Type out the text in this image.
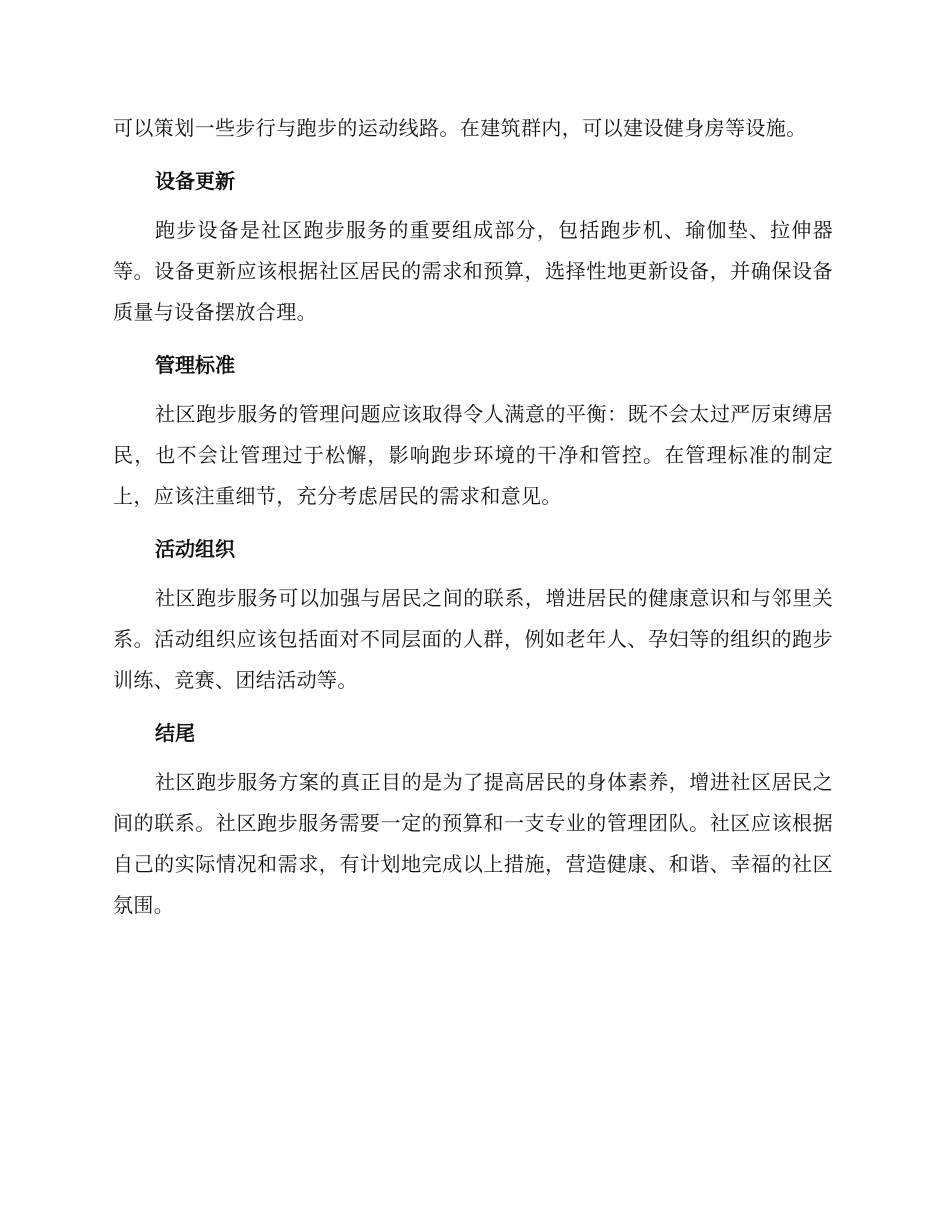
可以策划一些步行与跑步的运动线路。在建筑群内，可以建设健身房等设施。

设备更新

跑步设备是社区跑步服务的重要组成部分，包括跑步机、瑜伽垫、拉伸器等。设备更新应该根据社区居民的需求和预算，选择性地更新设备，并确保设备质量与设备摆放合理。

管理标准

社区跑步服务的管理问题应该取得令人满意的平衡：既不会太过严厉束缚居民，也不会让管理过于松懈，影响跑步环境的干净和管控。在管理标准的制定上，应该注重细节，充分考虑居民的需求和意见。

活动组织

社区跑步服务可以加强与居民之间的联系，增进居民的健康意识和与邻里关系。活动组织应该包括面对不同层面的人群，例如老年人、孕妇等的组织的跑步训练、竞赛、团结活动等。

结尾

社区跑步服务方案的真正目的是为了提高居民的身体素养，增进社区居民之间的联系。社区跑步服务需要一定的预算和一支专业的管理团队。社区应该根据自己的实际情况和需求，有计划地完成以上措施，营造健康、和谐、幸福的社区氛围。
